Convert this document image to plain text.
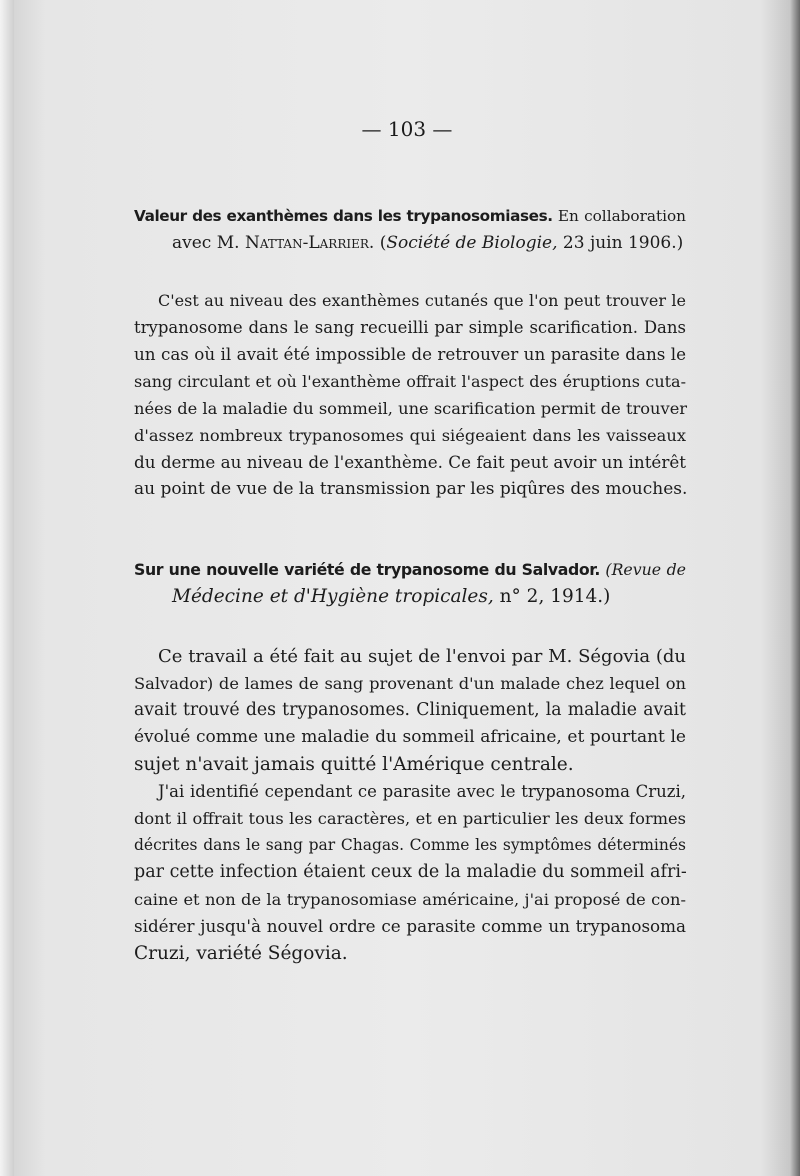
— 103 —
Valeur des exanthèmes dans les trypanosomiases. En collaboration
avec M. Nattan-Larrier. (Société de Biologie, 23 juin 1906.)
C'est au niveau des exanthèmes cutanés que l'on peut trouver le
trypanosome dans le sang recueilli par simple scarification. Dans
un cas où il avait été impossible de retrouver un parasite dans le
sang circulant et où l'exanthème offrait l'aspect des éruptions cuta-
nées de la maladie du sommeil, une scarification permit de trouver
d'assez nombreux trypanosomes qui siégeaient dans les vaisseaux
du derme au niveau de l'exanthème. Ce fait peut avoir un intérêt
au point de vue de la transmission par les piqûres des mouches.
Sur une nouvelle variété de trypanosome du Salvador. (Revue de
Médecine et d'Hygiène tropicales, n° 2, 1914.)
Ce travail a été fait au sujet de l'envoi par M. Ségovia (du
Salvador) de lames de sang provenant d'un malade chez lequel on
avait trouvé des trypanosomes. Cliniquement, la maladie avait
évolué comme une maladie du sommeil africaine, et pourtant le
sujet n'avait jamais quitté l'Amérique centrale.
J'ai identifié cependant ce parasite avec le trypanosoma Cruzi,
dont il offrait tous les caractères, et en particulier les deux formes
décrites dans le sang par Chagas. Comme les symptômes déterminés
par cette infection étaient ceux de la maladie du sommeil afri-
caine et non de la trypanosomiase américaine, j'ai proposé de con-
sidérer jusqu'à nouvel ordre ce parasite comme un trypanosoma
Cruzi, variété Ségovia.
